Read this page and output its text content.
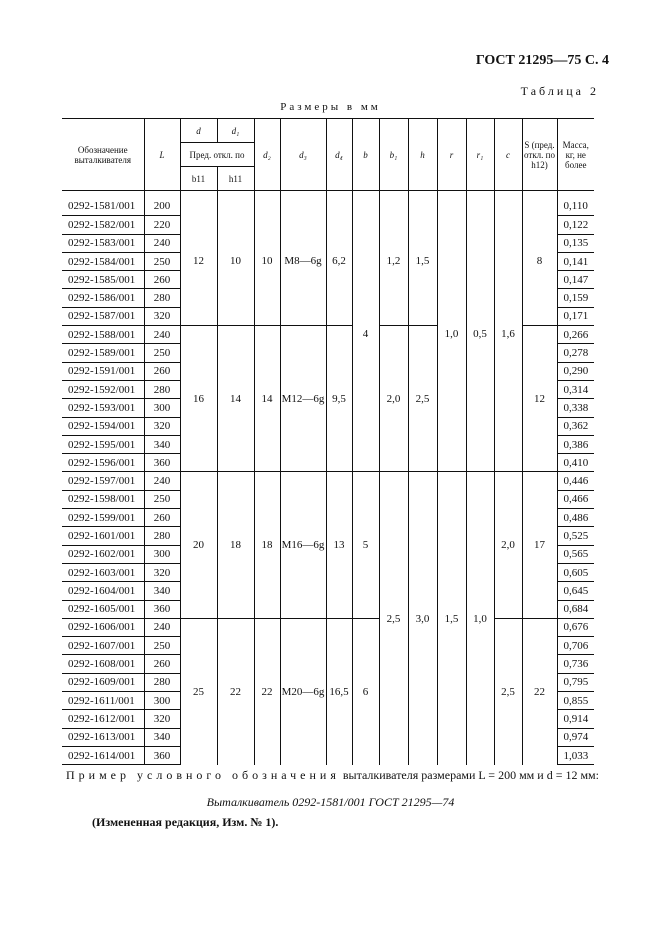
ГОСТ 21295—75 С. 4
Таблица 2
Размеры в мм
Обозначение выталкивателя	L	d	d₁	d₂	d₃	d₄	b	b₁	h	r	r₁	c	S (пред. откл. по h12)	Масса, кг, не более
		Пред. откл. по												
		b11	h11											

0292-1581/001	200	12	10	10	M8—6g	6,2	4	1,2	1,5	1,0	0,5	1,6	8	0,110
0292-1582/001	220													0,122
0292-1583/001	240													0,135
0292-1584/001	250													0,141
0292-1585/001	260													0,147
0292-1586/001	280													0,159
0292-1587/001	320													0,171
0292-1588/001	240	16	14	14	M12—6g	9,5		2,0	2,5				12	0,266
0292-1589/001	250													0,278
0292-1591/001	260													0,290
0292-1592/001	280													0,314
0292-1593/001	300													0,338
0292-1594/001	320													0,362
0292-1595/001	340													0,386
0292-1596/001	360													0,410
0292-1597/001	240	20	18	18	M16—6g	13	5	2,5	3,0	1,5	1,0	2,0	17	0,446
0292-1598/001	250													0,466
0292-1599/001	260													0,486
0292-1601/001	280													0,525
0292-1602/001	300													0,565
0292-1603/001	320													0,605
0292-1604/001	340													0,645
0292-1605/001	360													0,684
0292-1606/001	240	25	22	22	M20—6g	16,5	6					2,5	22	0,676
0292-1607/001	250													0,706
0292-1608/001	260													0,736
0292-1609/001	280													0,795
0292-1611/001	300													0,855
0292-1612/001	320													0,914
0292-1613/001	340													0,974
0292-1614/001	360													1,033
Пример условного обозначения выталкивателя размерами L = 200 мм и d = 12 мм:
Выталкиватель 0292-1581/001 ГОСТ 21295—74
(Измененная редакция, Изм. № 1).
